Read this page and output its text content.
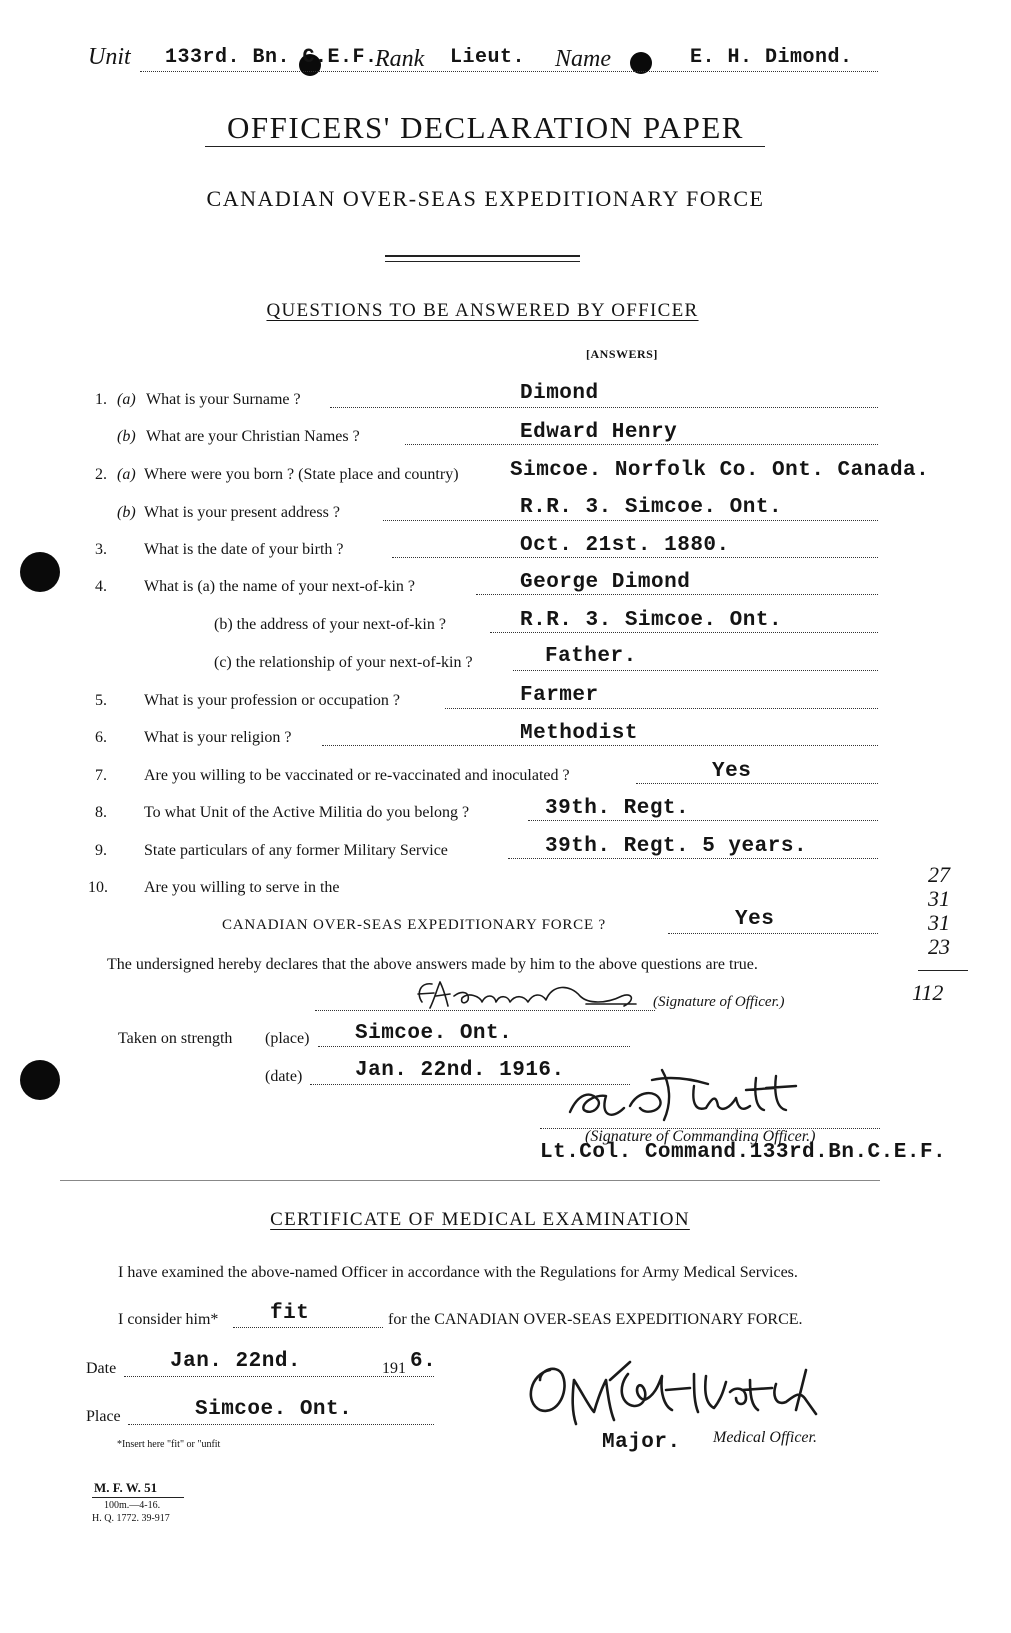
Unit 133rd. Bn. C.E.F.
Rank Lieut. Name	E. H. Dimond.
OFFICERS' DECLARATION PAPER
CANADIAN OVER-SEAS EXPEDITIONARY FORCE
QUESTIONS TO BE ANSWERED BY OFFICER
[ANSWERS]
1. (a) What is your Surname ?	Dimond
(b) What are your Christian Names ?	Edward Henry
2. (a) Where were you born ? (State place and country) Simcoe. Norfolk Co. Ont. Canada.
(b) What is your present address ?	R.R. 3. Simcoe. Ont.
3. What is the date of your birth ?	Oct. 21st. 1880.
4. What is (a) the name of your next-of-kin ?	George Dimond
(b) the address of your next-of-kin ?	R.R. 3. Simcoe. Ont.
(c) the relationship of your next-of-kin ?	Father.
5. What is your profession or occupation ?	Farmer
6. What is your religion ?	Methodist
7. Are you willing to be vaccinated or re-vaccinated and inoculated ?	Yes
8. To what Unit of the Active Militia do you belong ?	39th. Regt.
9. State particulars of any former Military Service	39th. Regt. 5 years.
10. Are you willing to serve in the
CANADIAN OVER-SEAS EXPEDITIONARY FORCE ?	Yes
27
31
31
23
112
The undersigned hereby declares that the above answers made by him to the above questions are true.
(Signature of Officer.)
Taken on strength (place) Simcoe. Ont.
(date)	Jan. 22nd. 1916.
(Signature of Commanding Officer.)
Lt.Col. Command.133rd.Bn.C.E.F.
CERTIFICATE OF MEDICAL EXAMINATION
I have examined the above-named Officer in accordance with the Regulations for Army Medical Services.
I consider him* fit	for the CANADIAN OVER-SEAS EXPEDITIONARY FORCE.
Date	Jan. 22nd.	191 6.
Place	Simcoe. Ont.
Major. Medical Officer.
*Insert here "fit" or "unfit
M. F. W. 51
100m.—4-16.
H. Q. 1772. 39-917
